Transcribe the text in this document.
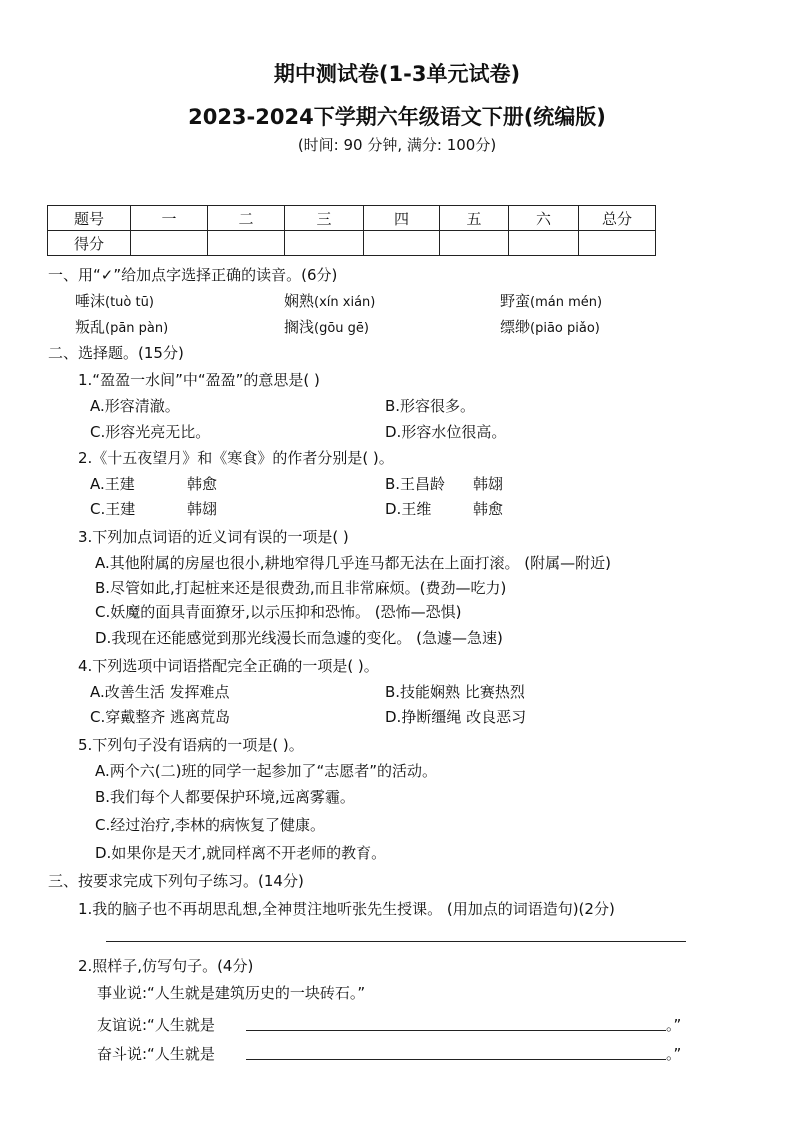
期中测试卷(1-3单元试卷)
2023-2024下学期六年级语文下册(统编版)
(时间: 90 分钟, 满分: 100分)
题号	一	二	三	四	五	六	总分
得分							
一、用“✓”给加点字选择正确的读音。(6分)
唾沫(tuò tū)	娴熟(xín xián)	野蛮(mán mén)
叛乱(pān pàn)	搁浅(gōu gē)	缥缈(piāo piǎo)
二、选择题。(15分)
1.“盈盈一水间”中“盈盈”的意思是( )
A.形容清澈。	B.形容很多。
C.形容光亮无比。	D.形容水位很高。
2.《十五夜望月》和《寒食》的作者分别是( )。
A.王建	韩愈	B.王昌龄 韩翃
C.王建	韩翃	D.王维	韩愈
3.下列加点词语的近义词有误的一项是( )
A.其他附属的房屋也很小,耕地窄得几乎连马都无法在上面打滚。 (附属—附近)
B.尽管如此,打起桩来还是很费劲,而且非常麻烦。(费劲—吃力)
C.妖魔的面具青面獠牙,以示压抑和恐怖。 (恐怖—恐惧)
D.我现在还能感觉到那光线漫长而急遽的变化。 (急遽—急速)
4.下列选项中词语搭配完全正确的一项是( )。
A.改善生活 发挥难点	B.技能娴熟 比赛热烈
C.穿戴整齐 逃离荒岛	D.挣断缰绳 改良恶习
5.下列句子没有语病的一项是( )。
A.两个六(二)班的同学一起参加了“志愿者”的活动。
B.我们每个人都要保护环境,远离雾霾。
C.经过治疗,李林的病恢复了健康。
D.如果你是天才,就同样离不开老师的教育。
三、按要求完成下列句子练习。(14分)
1.我的脑子也不再胡思乱想,全神贯注地听张先生授课。 (用加点的词语造句)(2分)
2.照样子,仿写句子。(4分)
事业说:“人生就是建筑历史的一块砖石。”
友谊说:“人生就是	。”
奋斗说:“人生就是	。”
